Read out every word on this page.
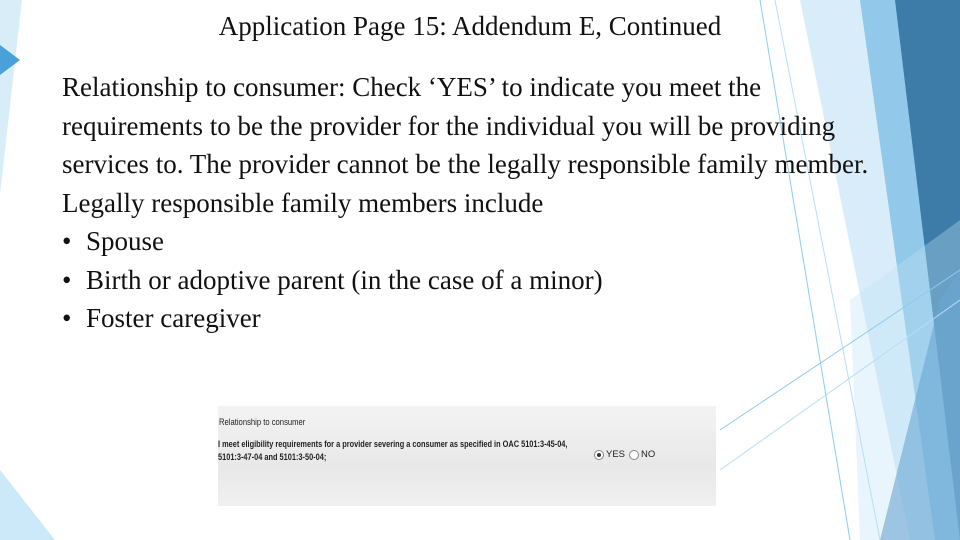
Application Page 15: Addendum E, Continued

Relationship to consumer: Check ‘YES’ to indicate you meet the requirements to be the provider for the individual you will be providing services to. The provider cannot be the legally responsible family member.

Legally responsible family members include

• Spouse
• Birth or adoptive parent (in the case of a minor)
• Foster caregiver
Relationship to consumer
I meet eligibility requirements for a provider severing a consumer as specified in OAC 5101:3-45-04, 5101:3-47-04 and 5101:3-50-04;	YES NO
